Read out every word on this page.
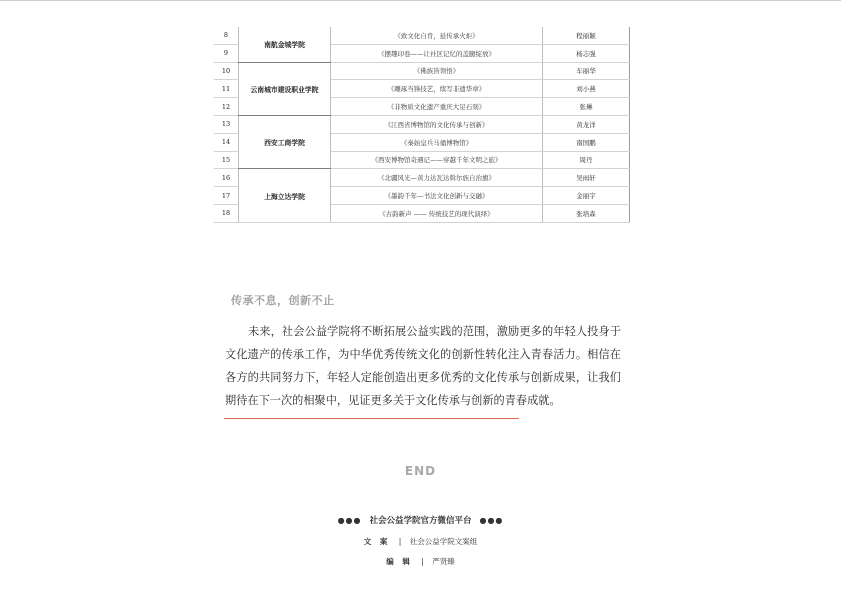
8	南航金城学院	《致文化自肯，延传承火炬》	程丽颖
9		《摆趣印卷——让社区记忆的盖腿绽放》	杨志强
10	云南城市建设职业学院	《佛族皆领悟》	车丽华
11		《雕琢当锋技艺，续写非遗华章》	刘小燕
12		《非物质文化遗产重庆大足石刻》	张琳
13	西安工商学院	《江西省博物馆的文化传承与创新》	黄龙洋
14		《秦始皇兵马俑博物馆》	南国鹏
15		《西安博物馆奇遇记——穿越千年文明之旅》	周丹
16	上海立达学院	《北疆风光—黄力达瓦达斡尔族自治旗》	吴雨轩
17		《墨韵千年—书法文化创新与交融》	金丽宇
18		《古韵新声 —— 传统技艺的现代演绎》	张培森
传承不息，创新不止

未来，社会公益学院将不断拓展公益实践的范围，激励更多的年轻人投身于文化遗产的传承工作，为中华优秀传统文化的创新性转化注入青春活力。相信在各方的共同努力下，年轻人定能创造出更多优秀的文化传承与创新成果，让我们期待在下一次的相聚中，见证更多关于文化传承与创新的青春成就。

END
●●● 社会公益学院官方微信平台 ●●●
文 案 | 社会公益学院文案组
编 辑 | 严贤臻
